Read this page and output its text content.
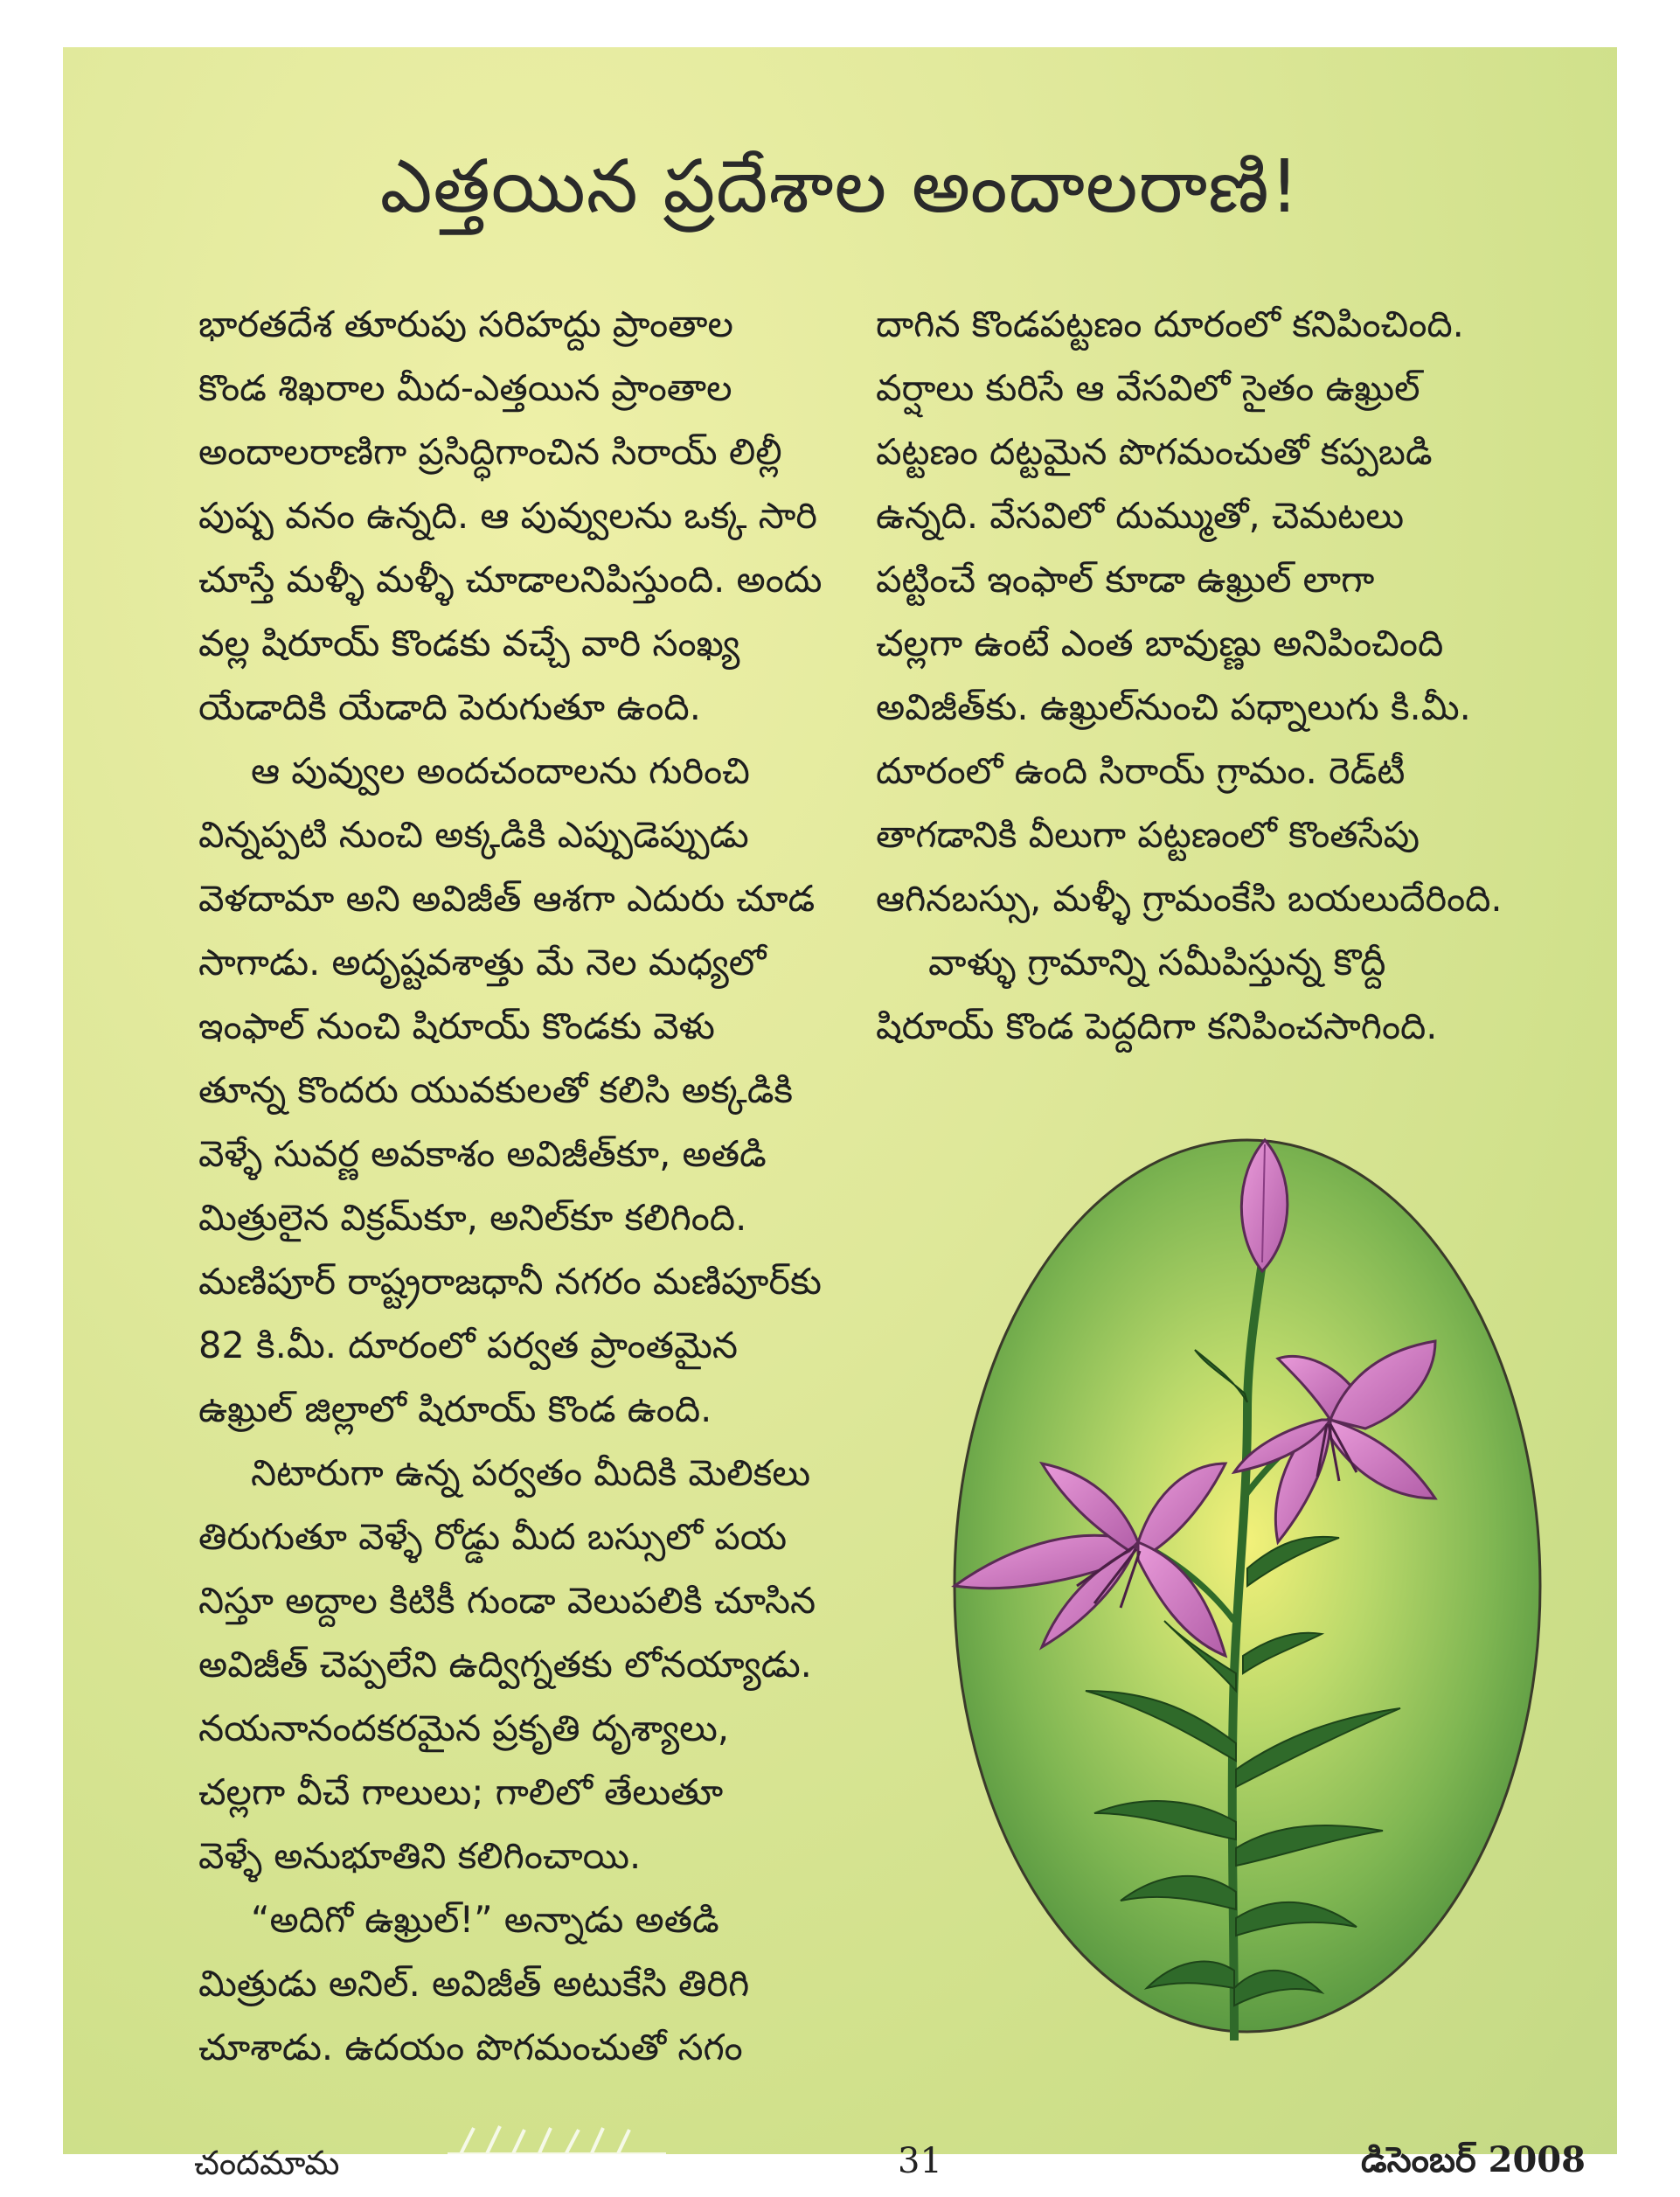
ఎత్తయిన ప్రదేశాల అందాలరాణి!
భారతదేశ తూరుపు సరిహద్దు ప్రాంతాల
కొండ శిఖరాల మీద-ఎత్తయిన ప్రాంతాల
అందాలరాణిగా ప్రసిద్ధిగాంచిన సిరాయ్ లిల్లీ
పుష్ప వనం ఉన్నది. ఆ పువ్వులను ఒక్క సారి
చూస్తే మళ్ళీ మళ్ళీ చూడాలనిపిస్తుంది. అందు
వల్ల షిరూయ్ కొండకు వచ్చే వారి సంఖ్య
యేడాదికి యేడాది పెరుగుతూ ఉంది.
ఆ పువ్వుల అందచందాలను గురించి
విన్నప్పటి నుంచి అక్కడికి ఎప్పుడెప్పుడు
వెళదామా అని అవిజీత్ ఆశగా ఎదురు చూడ
సాగాడు. అదృష్టవశాత్తు మే నెల మధ్యలో
ఇంఫాల్ నుంచి షిరూయ్ కొండకు వెళు
తూన్న కొందరు యువకులతో కలిసి అక్కడికి
వెళ్ళే సువర్ణ అవకాశం అవిజీత్‌కూ, అతడి
మిత్రులైన విక్రమ్‌కూ, అనిల్‌కూ కలిగింది.
మణిపూర్ రాష్ట్రరాజధానీ నగరం మణిపూర్‌కు
82 కి.మీ. దూరంలో పర్వత ప్రాంతమైన
ఉఖ్రుల్ జిల్లాలో షిరూయ్ కొండ ఉంది.
నిటారుగా ఉన్న పర్వతం మీదికి మెలికలు
తిరుగుతూ వెళ్ళే రోడ్డు మీద బస్సులో పయ
నిస్తూ అద్దాల కిటికీ గుండా వెలుపలికి చూసిన
అవిజీత్ చెప్పలేని ఉద్విగ్నతకు లోనయ్యాడు.
నయనానందకరమైన ప్రకృతి దృశ్యాలు,
చల్లగా వీచే గాలులు; గాలిలో తేలుతూ
వెళ్ళే అనుభూతిని కలిగించాయి.
“అదిగో ఉఖ్రుల్!” అన్నాడు అతడి
మిత్రుడు అనిల్. అవిజీత్ అటుకేసి తిరిగి
చూశాడు. ఉదయం పొగమంచుతో సగం
దాగిన కొండపట్టణం దూరంలో కనిపించింది.
వర్షాలు కురిసే ఆ వేసవిలో సైతం ఉఖ్రుల్
పట్టణం దట్టమైన పొగమంచుతో కప్పబడి
ఉన్నది. వేసవిలో దుమ్ముతో, చెమటలు
పట్టించే ఇంఫాల్ కూడా ఉఖ్రుల్ లాగా
చల్లగా ఉంటే ఎంత బావుణ్ణు అనిపించింది
అవిజీత్‌కు. ఉఖ్రుల్‌నుంచి పధ్నాలుగు కి.మీ.
దూరంలో ఉంది సిరాయ్ గ్రామం. రెడ్‌టీ
తాగడానికి వీలుగా పట్టణంలో కొంతసేపు
ఆగినబస్సు, మళ్ళీ గ్రామంకేసి బయలుదేరింది.
వాళ్ళు గ్రామాన్ని సమీపిస్తున్న కొద్దీ
షిరూయ్ కొండ పెద్దదిగా కనిపించసాగింది.
చందమామ	31	డిసెంబర్ 2008
